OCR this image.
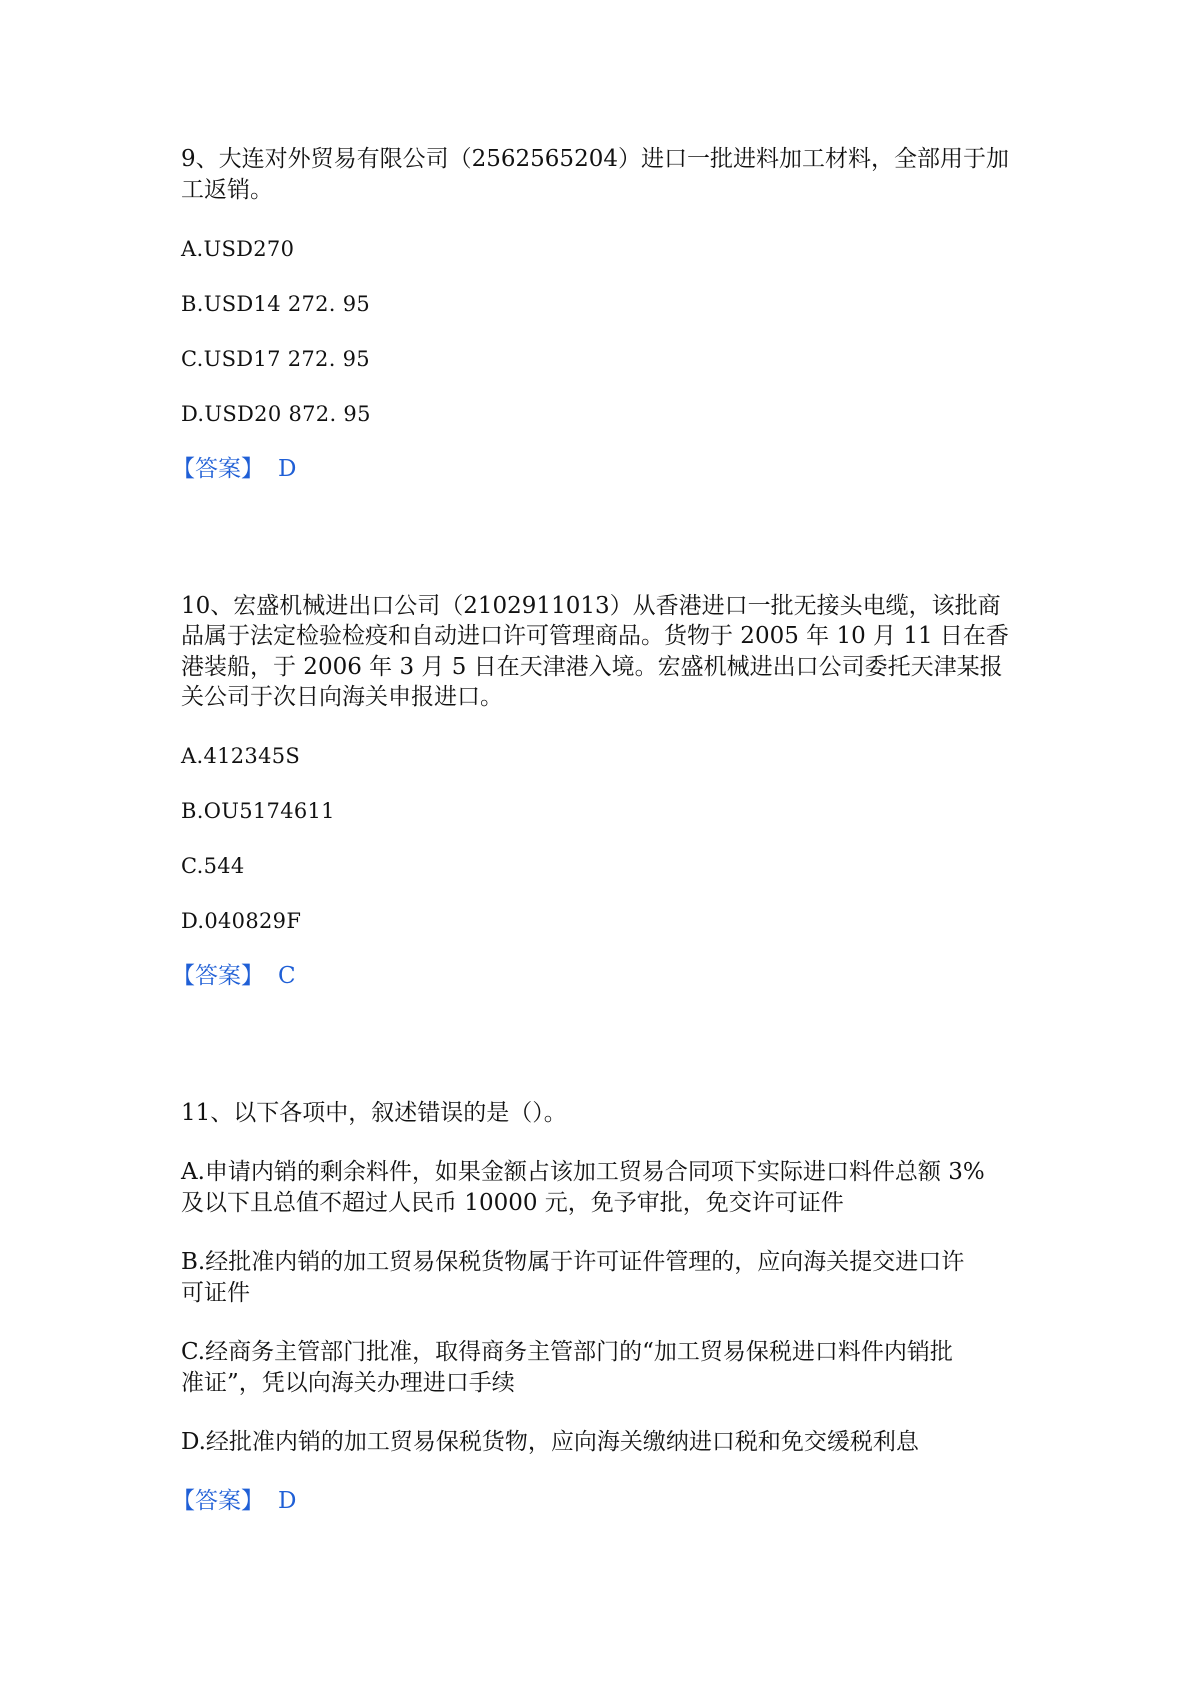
9、大连对外贸易有限公司（2562565204）进口一批进料加工材料，全部用于加
工返销。
A.USD270
B.USD14 272. 95
C.USD17 272. 95
D.USD20 872. 95
【答案】 D
10、宏盛机械进出口公司（2102911013）从香港进口一批无接头电缆，该批商
品属于法定检验检疫和自动进口许可管理商品。货物于 2005 年 10 月 11 日在香
港装船，于 2006 年 3 月 5 日在天津港入境。宏盛机械进出口公司委托天津某报
关公司于次日向海关申报进口。
A.412345S
B.OU5174611
C.544
D.040829F
【答案】 C
11、以下各项中，叙述错误的是（）。
A.申请内销的剩余料件，如果金额占该加工贸易合同项下实际进口料件总额 3%
及以下且总值不超过人民币 10000 元，免予审批，免交许可证件
B.经批准内销的加工贸易保税货物属于许可证件管理的，应向海关提交进口许
可证件
C.经商务主管部门批准，取得商务主管部门的“加工贸易保税进口料件内销批
准证”，凭以向海关办理进口手续
D.经批准内销的加工贸易保税货物，应向海关缴纳进口税和免交缓税利息
【答案】 D
